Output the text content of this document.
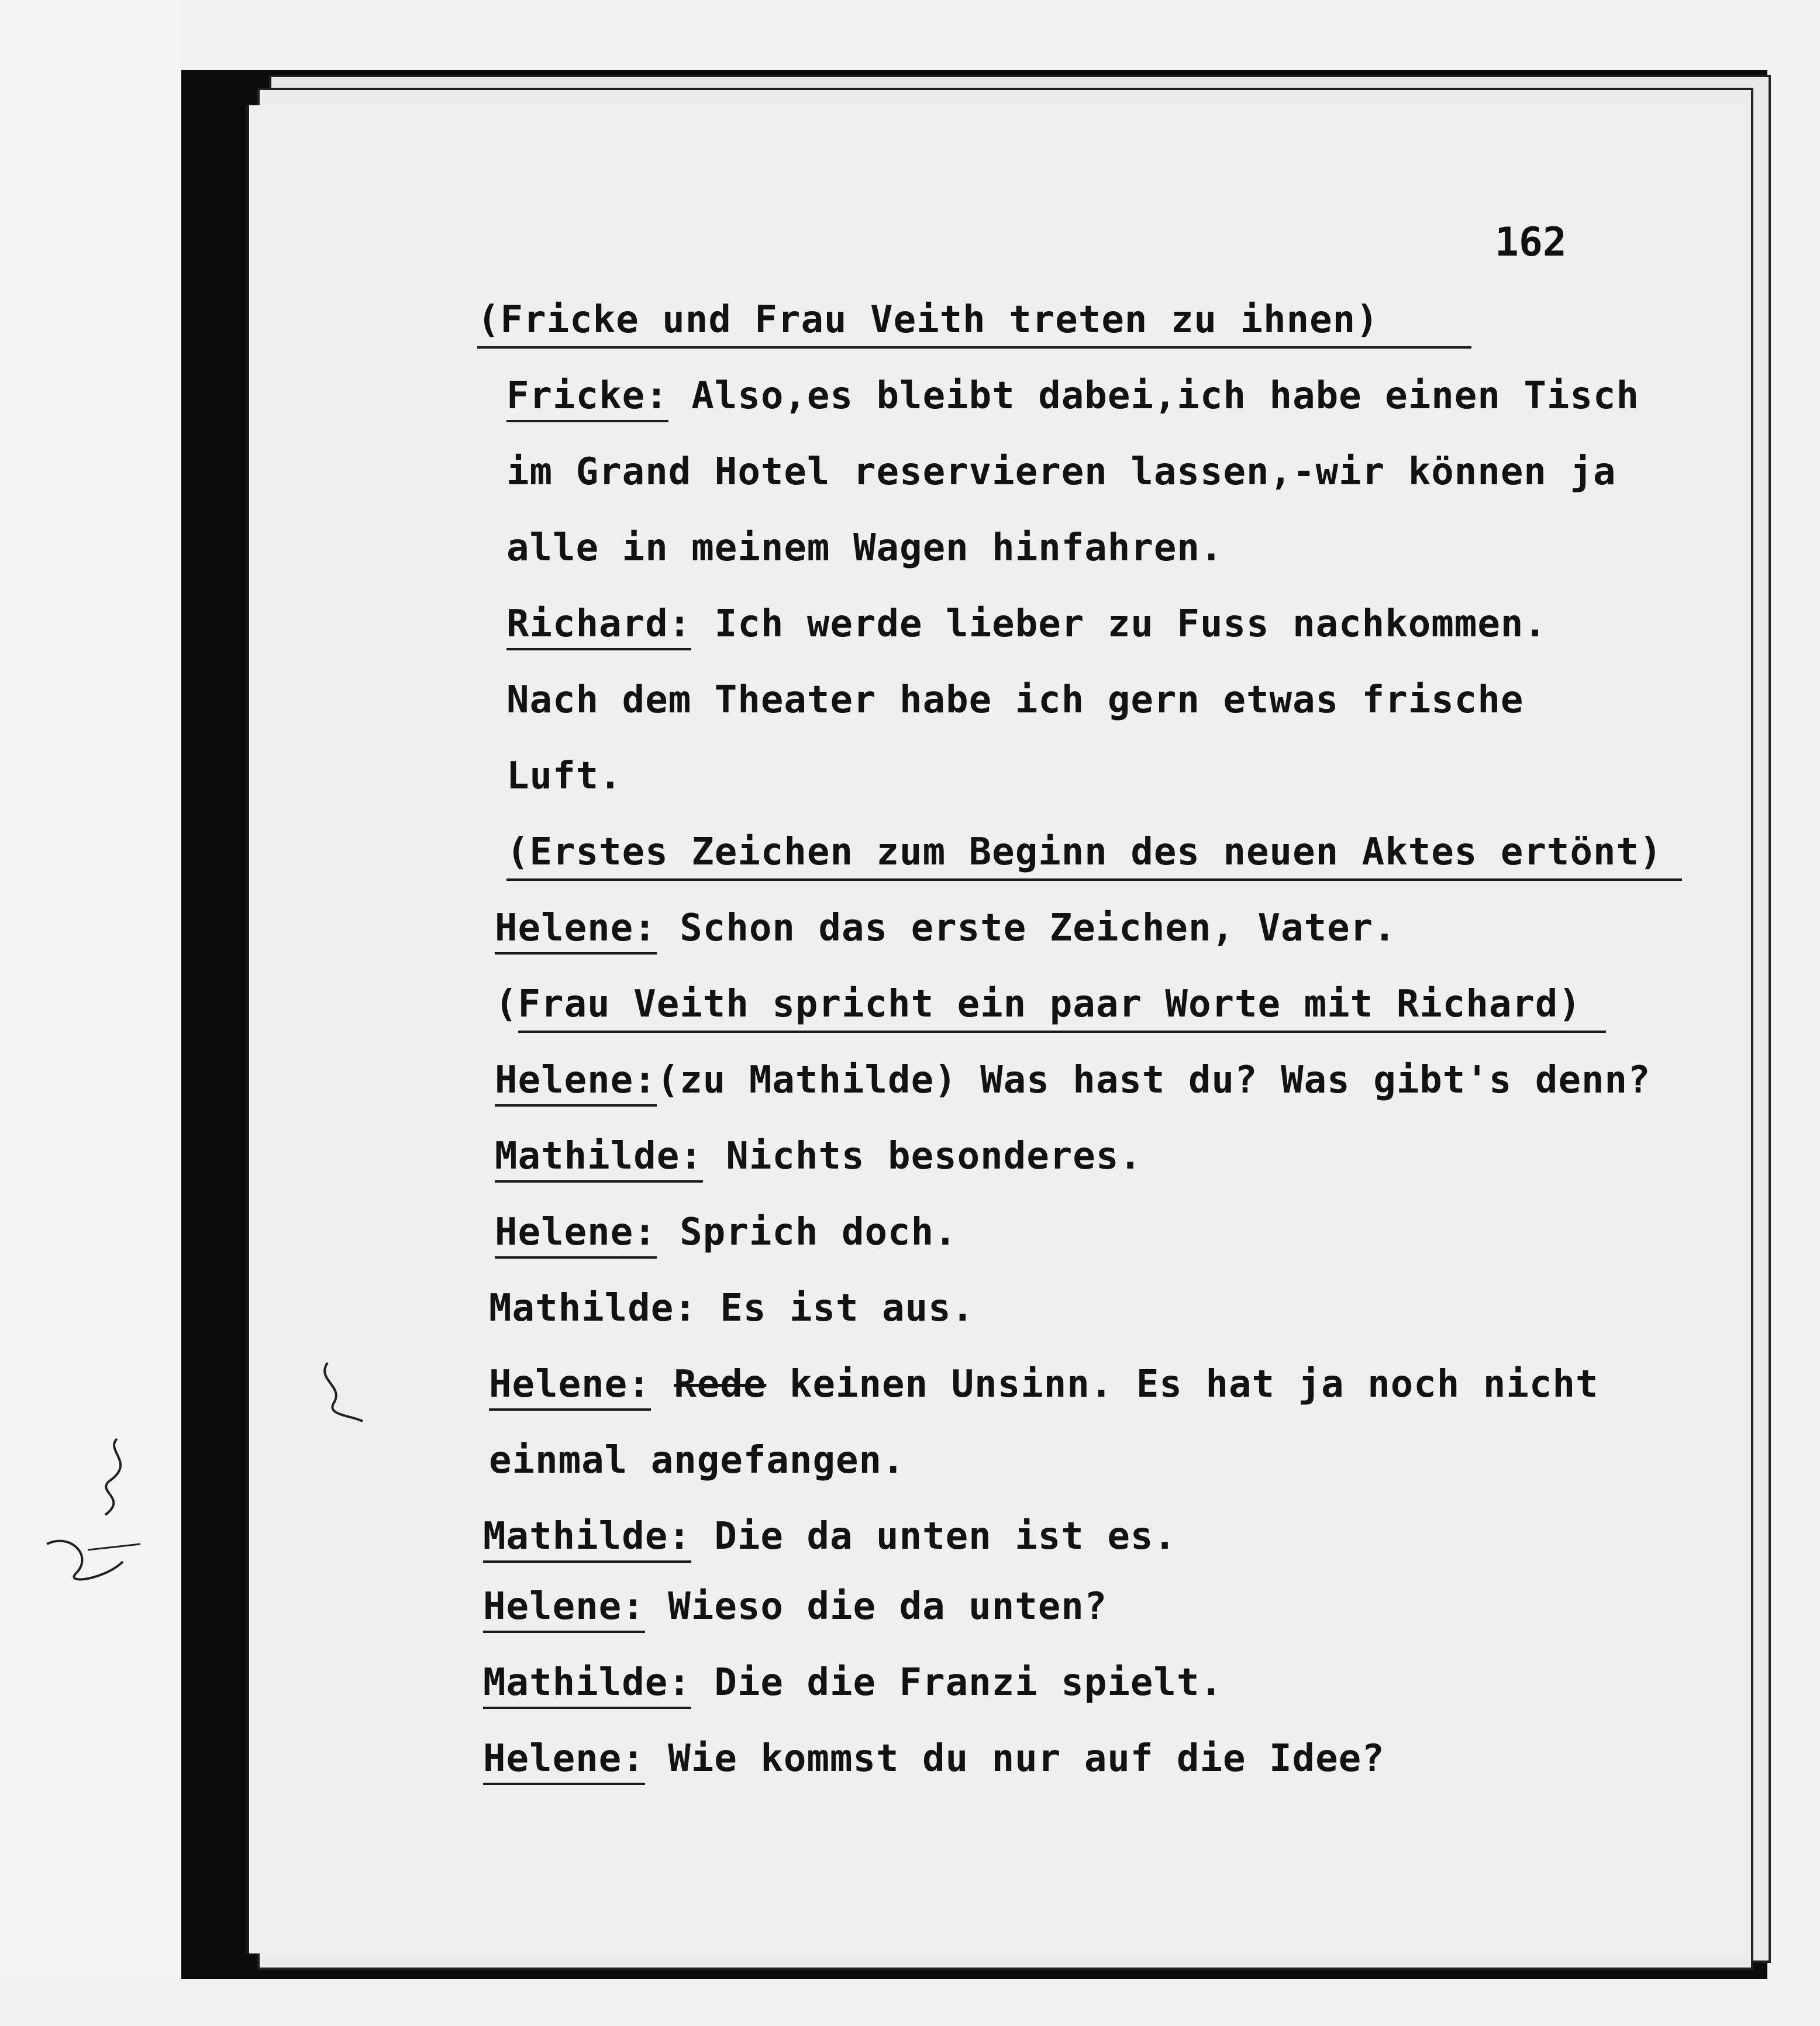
162
(Fricke und Frau Veith treten zu ihnen)
Fricke: Also,es bleibt dabei,ich habe einen Tisch
im Grand Hotel reservieren lassen,-wir können ja
alle in meinem Wagen hinfahren.
Richard: Ich werde lieber zu Fuss nachkommen.
Nach dem Theater habe ich gern etwas frische
Luft.
(Erstes Zeichen zum Beginn des neuen Aktes ertönt)
Helene: Schon das erste Zeichen, Vater.
(Frau Veith spricht ein paar Worte mit Richard)
Helene:(zu Mathilde) Was hast du? Was gibt's denn?
Mathilde: Nichts besonderes.
Helene: Sprich doch.
Mathilde: Es ist aus.
Helene: Rede keinen Unsinn. Es hat ja noch nicht
einmal angefangen.
Mathilde: Die da unten ist es.
Helene: Wieso die da unten?
Mathilde: Die die Franzi spielt.
Helene: Wie kommst du nur auf die Idee?
